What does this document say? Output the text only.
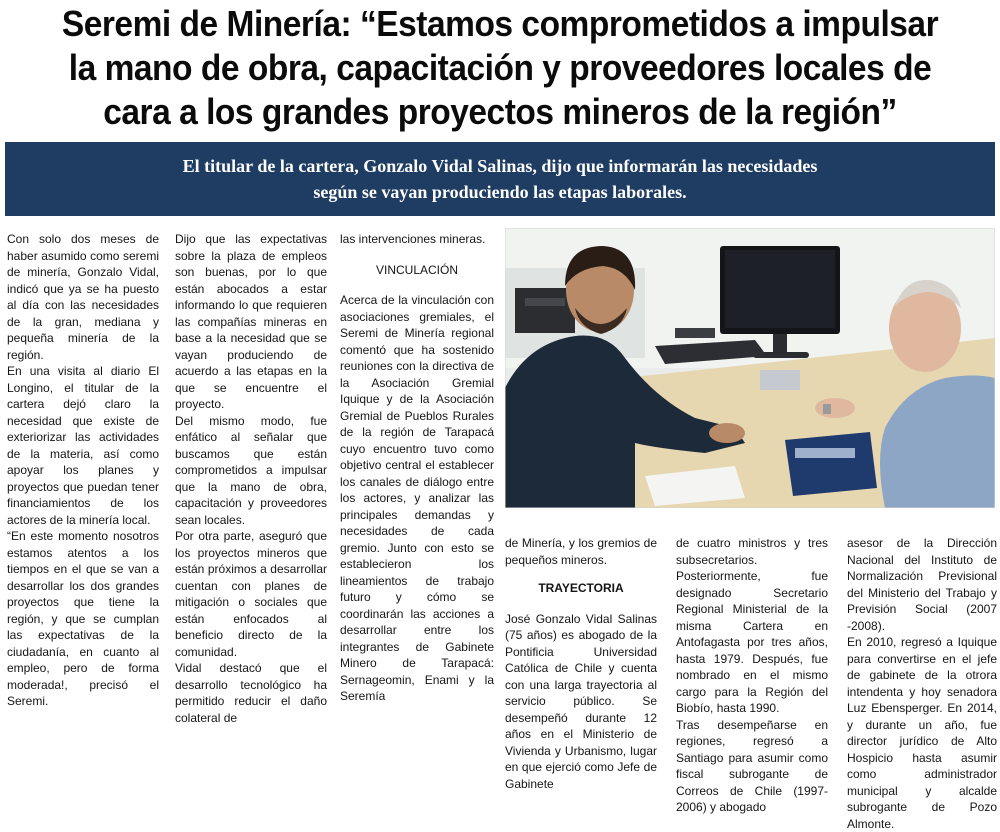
Seremi de Minería: “Estamos comprometidos a impulsar
la mano de obra, capacitación y proveedores locales de
cara a los grandes proyectos mineros de la región”
El titular de la cartera, Gonzalo Vidal Salinas, dijo que informarán las necesidades
según se vayan produciendo las etapas laborales.

Con solo dos meses de haber asumido como seremi de minería, Gonzalo Vidal, indicó que ya se ha puesto al día con las necesidades de la gran, mediana y pequeña minería de la región.

En una visita al diario El Longino, el titular de la cartera dejó claro la necesidad que existe de exteriorizar las actividades de la materia, así como apoyar los planes y proyectos que puedan tener financiamientos de los actores de la minería local.

“En este momento nosotros estamos atentos a los tiempos en el que se van a desarrollar los dos grandes proyectos que tiene la región, y que se cumplan las expectativas de la ciudadanía, en cuanto al empleo, pero de forma moderada!, precisó el Seremi.

Dijo que las expectativas sobre la plaza de empleos son buenas, por lo que están abocados a estar informando lo que requieren las compañías mineras en base a la necesidad que se vayan produciendo de acuerdo a las etapas en la que se encuentre el proyecto.

Del mismo modo, fue enfático al señalar que buscamos que están comprometidos a impulsar que la mano de obra, capacitación y proveedores sean locales.

Por otra parte, aseguró que los proyectos mineros que están próximos a desarrollar cuentan con planes de mitigación o sociales que están enfocados al beneficio directo de la comunidad.

Vidal destacó que el desarrollo tecnológico ha permitido reducir el daño colateral de

las intervenciones mineras.

VINCULACIÓN

Acerca de la vinculación con asociaciones gremiales, el Seremi de Minería regional comentó que ha sostenido reuniones con la directiva de la Asociación Gremial Iquique y de la Asociación Gremial de Pueblos Rurales de la región de Tarapacá cuyo encuentro tuvo como objetivo central el establecer los canales de diálogo entre los actores, y analizar las principales demandas y necesidades de cada gremio. Junto con esto se establecieron los lineamientos de trabajo futuro y cómo se coordinarán las acciones a desarrollar entre los integrantes de Gabinete Minero de Tarapacá: Sernageomin, Enami y la Seremía

de Minería, y los gremios de pequeños mineros.

TRAYECTORIA

José Gonzalo Vidal Salinas (75 años) es abogado de la Pontificia Universidad Católica de Chile y cuenta con una larga trayectoria al servicio público. Se desempeñó durante 12 años en el Ministerio de Vivienda y Urbanismo, lugar en que ejerció como Jefe de Gabinete

de cuatro ministros y tres subsecretarios.

Posteriormente, fue designado Secretario Regional Ministerial de la misma Cartera en Antofagasta por tres años, hasta 1979. Después, fue nombrado en el mismo cargo para la Región del Biobío, hasta 1990.

Tras desempeñarse en regiones, regresó a Santiago para asumir como fiscal subrogante de Correos de Chile (1997-2006) y abogado

asesor de la Dirección Nacional del Instituto de Normalización Previsional del Ministerio del Trabajo y Previsión Social (2007 -2008).

En 2010, regresó a Iquique para convertirse en el jefe de gabinete de la otrora intendenta y hoy senadora Luz Ebensperger. En 2014, y durante un año, fue director jurídico de Alto Hospicio hasta asumir como administrador municipal y alcalde subrogante de Pozo Almonte.
